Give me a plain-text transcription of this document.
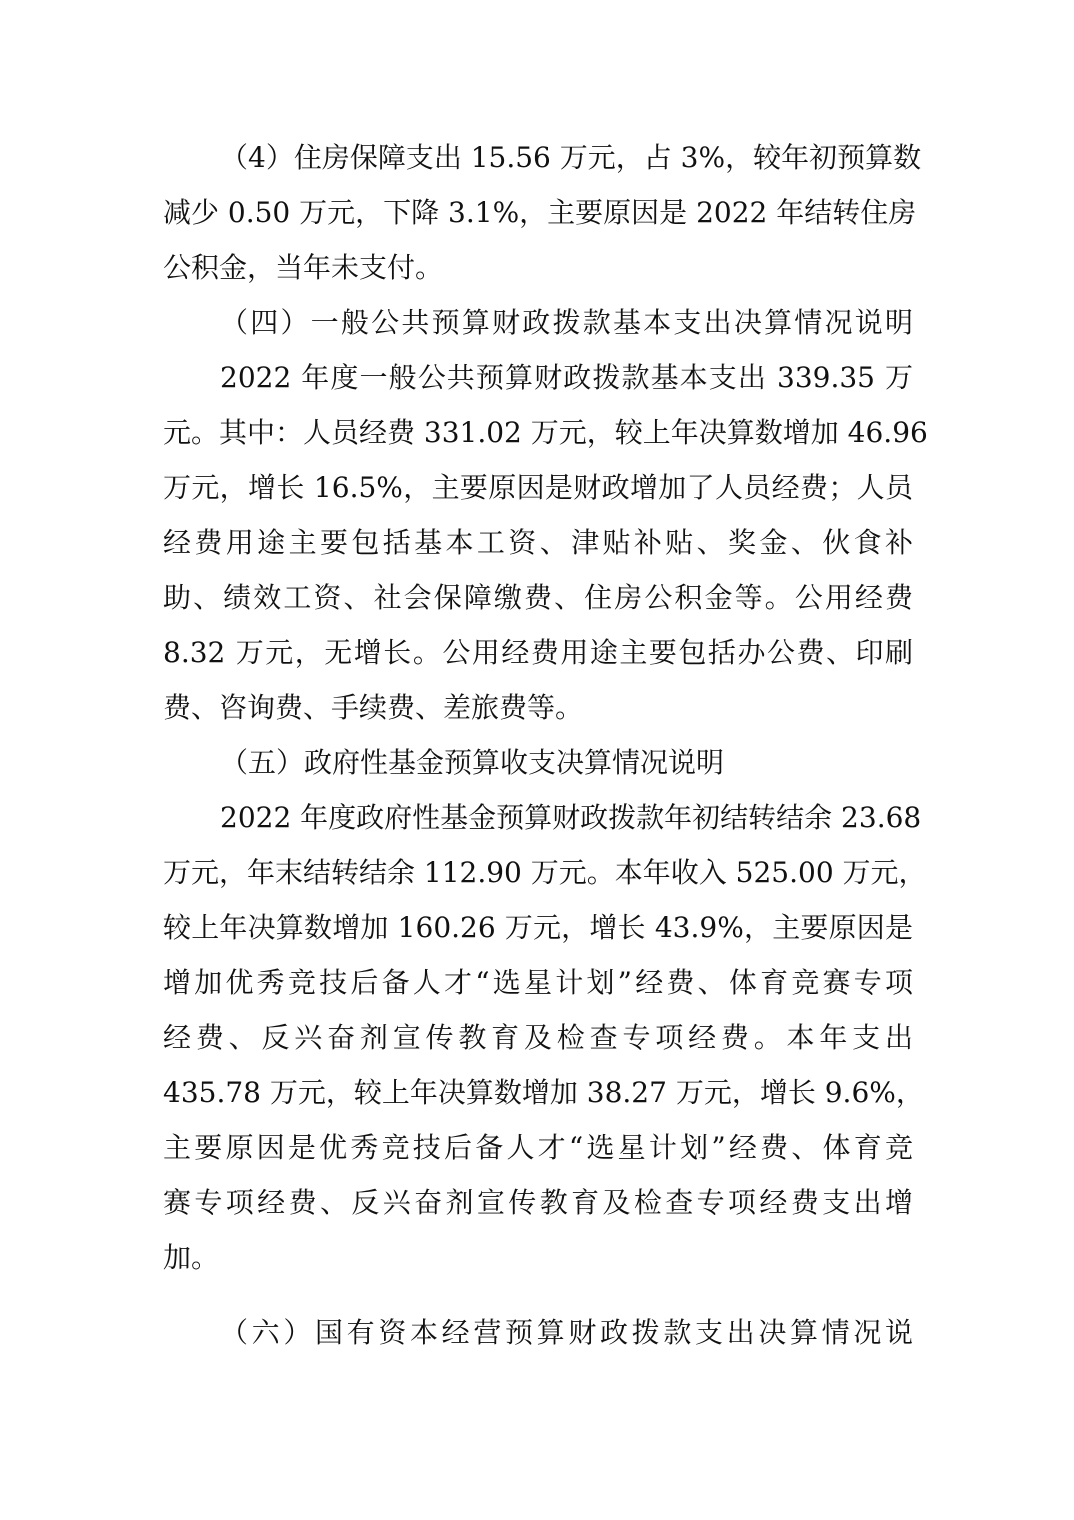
（4）住房保障支出 15.56 万元，占 3%，较年初预算数
减少 0.50 万元，下降 3.1%，主要原因是 2022 年结转住房
公积金，当年未支付。
（四）一般公共预算财政拨款基本支出决算情况说明
2022 年度一般公共预算财政拨款基本支出 339.35 万
元。其中：人员经费 331.02 万元，较上年决算数增加 46.96
万元，增长 16.5%，主要原因是财政增加了人员经费；人员
经费用途主要包括基本工资、津贴补贴、奖金、伙食补
助、绩效工资、社会保障缴费、住房公积金等。公用经费
8.32 万元，无增长。公用经费用途主要包括办公费、印刷
费、咨询费、手续费、差旅费等。
（五）政府性基金预算收支决算情况说明
2022 年度政府性基金预算财政拨款年初结转结余 23.68
万元，年末结转结余 112.90 万元。本年收入 525.00 万元，
较上年决算数增加 160.26 万元，增长 43.9%，主要原因是
增加优秀竞技后备人才“选星计划”经费、体育竞赛专项
经费、反兴奋剂宣传教育及检查专项经费。本年支出
435.78 万元，较上年决算数增加 38.27 万元，增长 9.6%，
主要原因是优秀竞技后备人才“选星计划”经费、体育竞
赛专项经费、反兴奋剂宣传教育及检查专项经费支出增
加。
（六）国有资本经营预算财政拨款支出决算情况说
